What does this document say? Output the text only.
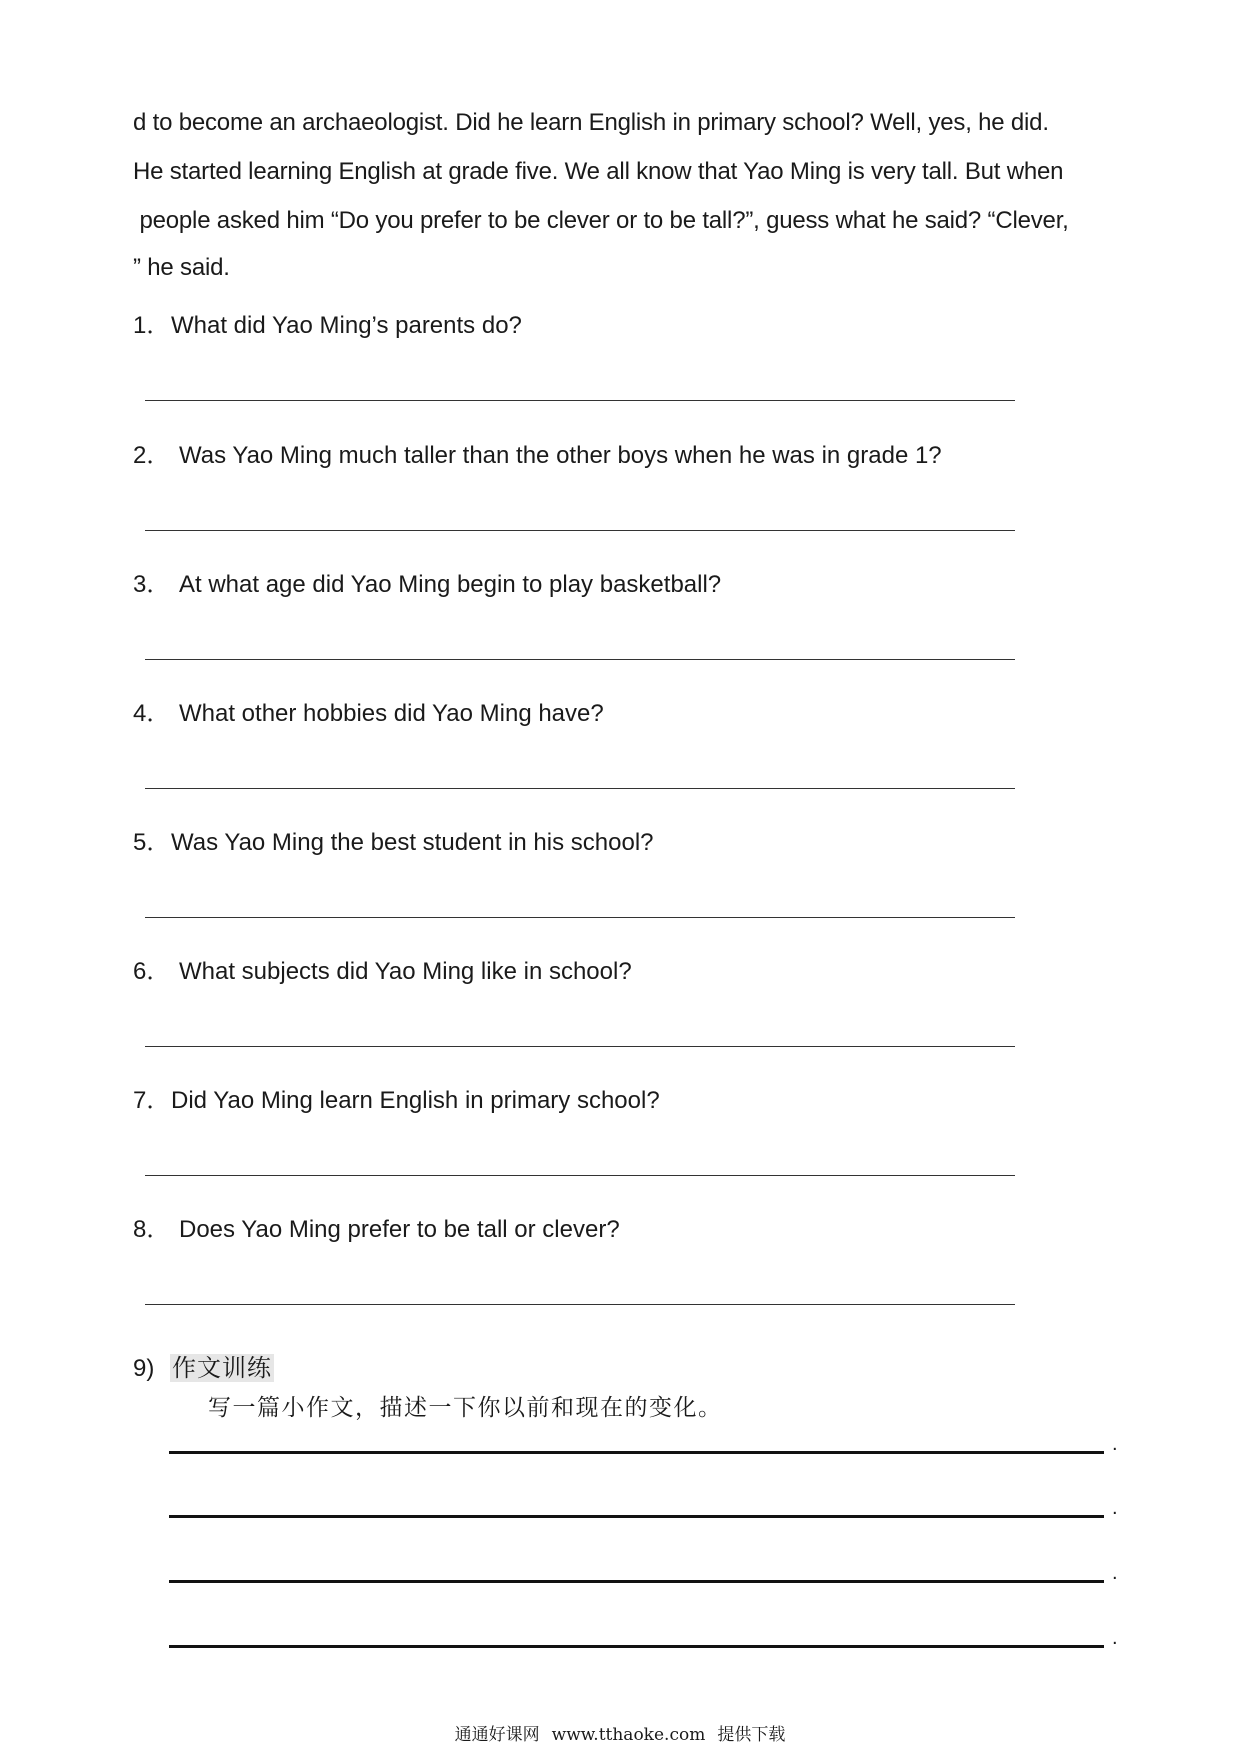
d to become an archaeologist. Did he learn English in primary school? Well, yes, he did.
He started learning English at grade five. We all know that Yao Ming is very tall. But when
people asked him “Do you prefer to be clever or to be tall?”, guess what he said? “Clever,
” he said.
1．What did Yao Ming’s parents do?
2． Was Yao Ming much taller than the other boys when he was in grade 1?
3． At what age did Yao Ming begin to play basketball?
4． What other hobbies did Yao Ming have?
5．Was Yao Ming the best student in his school?
6． What subjects did Yao Ming like in school?
7．Did Yao Ming learn English in primary school?
8． Does Yao Ming prefer to be tall or clever?
9) 作文训练
写一篇小作文，描述一下你以前和现在的变化。
.
.
.
.
通通好课网 www.tthaoke.com 提供下载
